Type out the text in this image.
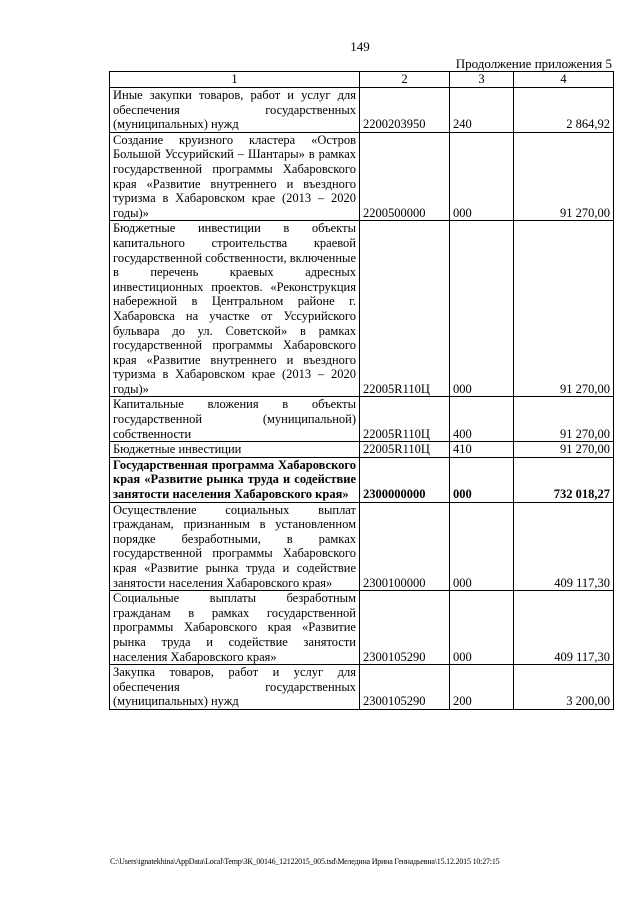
149
Продолжение приложения 5
1	2	3	4
Иные закупки товаров, работ и услуг для обеспечения государственных (муниципальных) нужд	2200203950	240	2 864,92
Создание круизного кластера «Остров Большой Уссурийский – Шантары» в рамках государственной программы Хабаровского края «Развитие внутреннего и въездного туризма в Хабаровском крае (2013 – 2020 годы)»	2200500000	000	91 270,00
Бюджетные инвестиции в объекты капитального строительства краевой государственной собственности, включенные в перечень краевых адресных инвестиционных проектов. «Реконструкция набережной в Центральном районе г. Хабаровска на участке от Уссурийского бульвара до ул. Советской» в рамках государственной программы Хабаровского края «Развитие внутреннего и въездного туризма в Хабаровском крае (2013 – 2020 годы)»	22005R110Ц	000	91 270,00
Капитальные вложения в объекты государственной (муниципальной) собственности	22005R110Ц	400	91 270,00
Бюджетные инвестиции	22005R110Ц	410	91 270,00
Государственная программа Хабаровского края «Развитие рынка труда и содействие занятости населения Хабаровского края»	2300000000	000	732 018,27
Осуществление социальных выплат гражданам, признанным в установленном порядке безработными, в рамках государственной программы Хабаровского края «Развитие рынка труда и содействие занятости населения Хабаровского края»	2300100000	000	409 117,30
Социальные выплаты безработным гражданам в рамках государственной программы Хабаровского края «Развитие рынка труда и содействие занятости населения Хабаровского края»	2300105290	000	409 117,30
Закупка товаров, работ и услуг для обеспечения государственных (муниципальных) нужд	2300105290	200	3 200,00
C:\Users\ignatekhina\AppData\Local\Temp\ЗК_00146_12122015_005.tsd\Меледина Ирина Геннадьевна\15.12.2015 10:27:15
